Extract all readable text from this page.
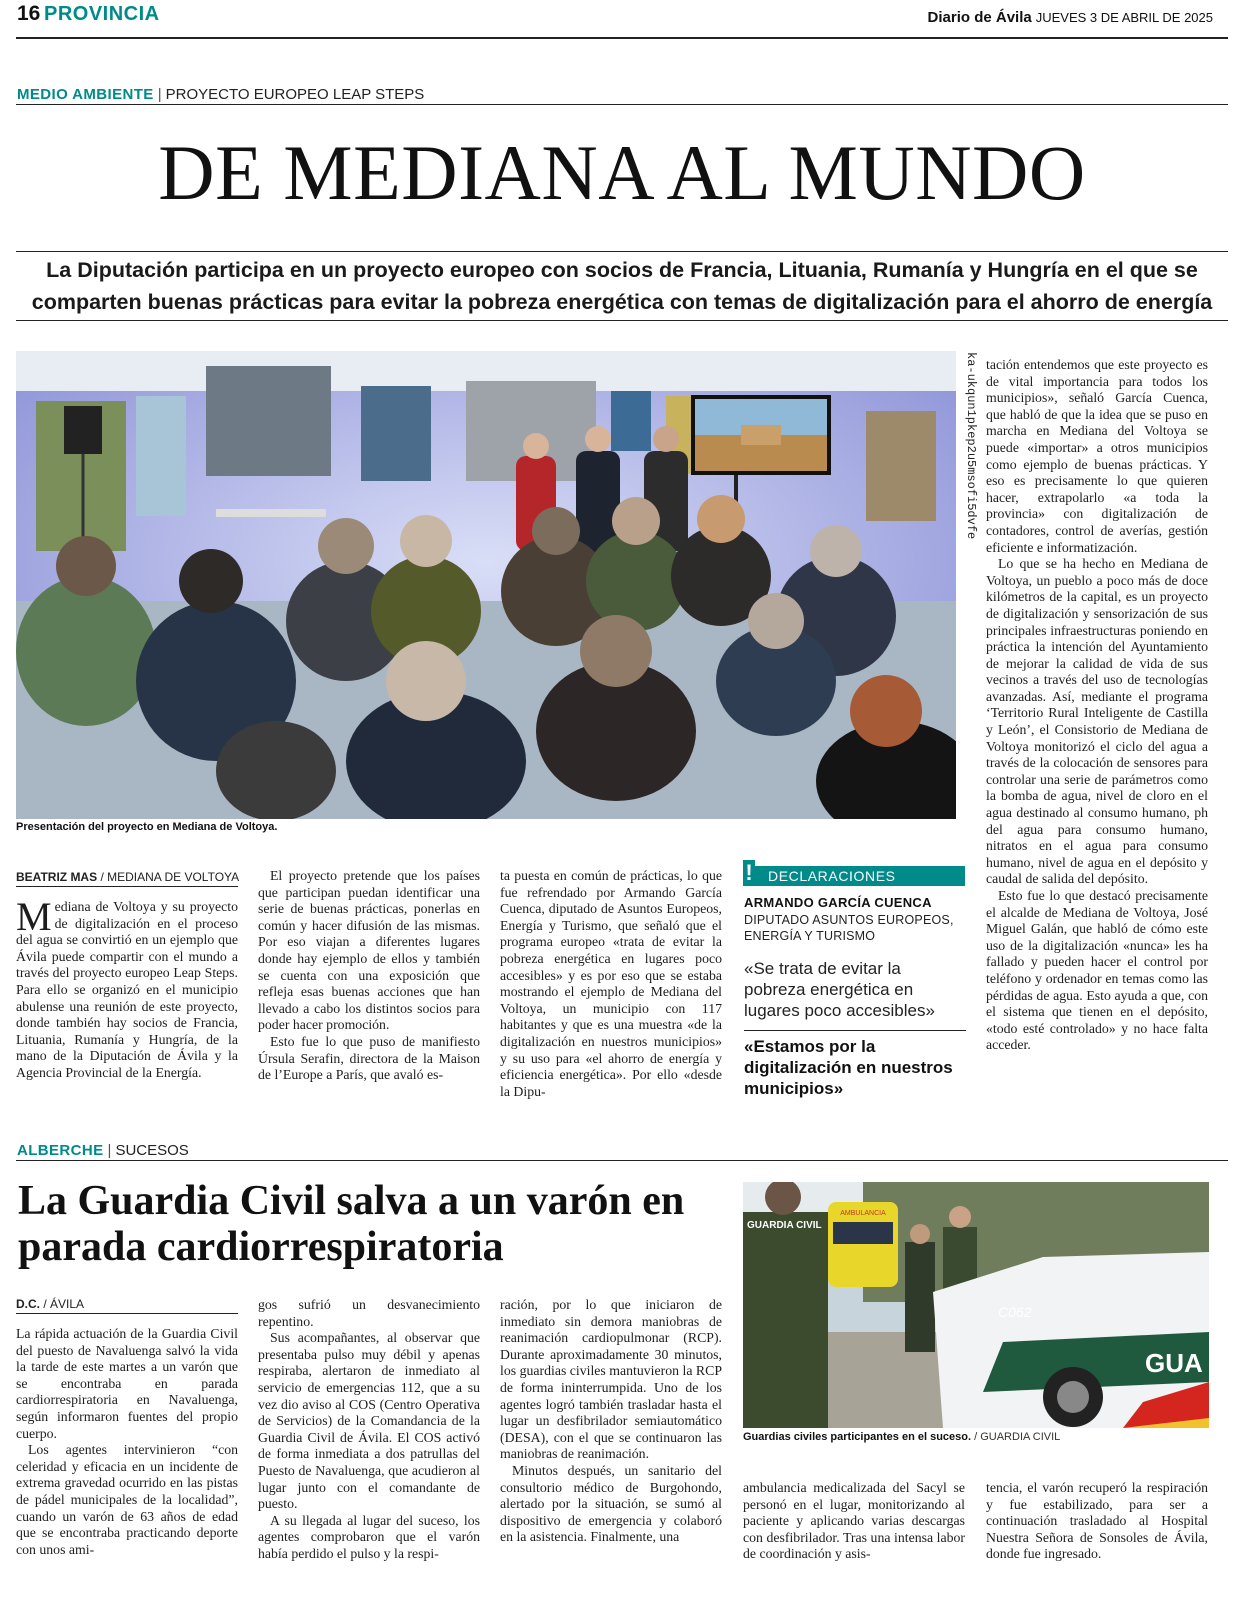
16 PROVINCIA	Diario de Ávila JUEVES 3 DE ABRIL DE 2025
MEDIO AMBIENTE | PROYECTO EUROPEO LEAP STEPS
DE MEDIANA AL MUNDO
La Diputación participa en un proyecto europeo con socios de Francia, Lituania, Rumanía y Hungría en el que se comparten buenas prácticas para evitar la pobreza energética con temas de digitalización para el ahorro de energía
ka-ukqun1pkep2u5msofi5dvfe
Presentación del proyecto en Mediana de Voltoya.
BEATRIZ MAS / MEDIANA DE VOLTOYA

Mediana de Voltoya y su proyecto de digitalización en el proceso del agua se convirtió en un ejemplo que Ávila puede compartir con el mundo a través del proyecto europeo Leap Steps. Para ello se organizó en el municipio abulense una reunión de este proyecto, donde también hay socios de Francia, Lituania, Rumanía y Hungría, de la mano de la Diputación de Ávila y la Agencia Provincial de la Energía.

El proyecto pretende que los países que participan puedan identificar una serie de buenas prácticas, ponerlas en común y hacer difusión de las mismas. Por eso viajan a diferentes lugares donde hay ejemplo de ellos y también se cuenta con una exposición que refleja esas buenas acciones que han llevado a cabo los distintos socios para poder hacer promoción.

Esto fue lo que puso de manifiesto Úrsula Serafin, directora de la Maison de l’Europe a París, que avaló es-

ta puesta en común de prácticas, lo que fue refrendado por Armando García Cuenca, diputado de Asuntos Europeos, Energía y Turismo, que señaló que el programa europeo «trata de evitar la pobreza energética en lugares poco accesibles» y es por eso que se estaba mostrando el ejemplo de Mediana del Voltoya, un municipio con 117 habitantes y que es una muestra «de la digitalización en nuestros municipios» y su uso para «el ahorro de energía y eficiencia energética». Por ello «desde la Dipu-

! DECLARACIONES
ARMANDO GARCÍA CUENCA
DIPUTADO ASUNTOS EUROPEOS, ENERGÍA Y TURISMO
«Se trata de evitar la pobreza energética en lugares poco accesibles»
«Estamos por la digitalización en nuestros municipios»

tación entendemos que este proyecto es de vital importancia para todos los municipios», señaló García Cuenca, que habló de que la idea que se puso en marcha en Mediana del Voltoya se puede «importar» a otros municipios como ejemplo de buenas prácticas. Y eso es precisamente lo que quieren hacer, extrapolarlo «a toda la provincia» con digitalización de contadores, control de averías, gestión eficiente e informatización.

Lo que se ha hecho en Mediana de Voltoya, un pueblo a poco más de doce kilómetros de la capital, es un proyecto de digitalización y sensorización de sus principales infraestructuras poniendo en práctica la intención del Ayuntamiento de mejorar la calidad de vida de sus vecinos a través del uso de tecnologías avanzadas. Así, mediante el programa ‘Territorio Rural Inteligente de Castilla y León’, el Consistorio de Mediana de Voltoya monitorizó el ciclo del agua a través de la colocación de sensores para controlar una serie de parámetros como la bomba de agua, nivel de cloro en el agua destinado al consumo humano, ph del agua para consumo humano, nitratos en el agua para consumo humano, nivel de agua en el depósito y caudal de salida del depósito.

Esto fue lo que destacó precisamente el alcalde de Mediana de Voltoya, José Miguel Galán, que habló de cómo este uso de la digitalización «nunca» les ha fallado y pueden hacer el control por teléfono y ordenador en temas como las pérdidas de agua. Esto ayuda a que, con el sistema que tienen en el depósito, «todo esté controlado» y no hace falta acceder.

ALBERCHE | SUCESOS
La Guardia Civil salva a un varón en parada cardiorrespiratoria
D.C. / ÁVILA

La rápida actuación de la Guardia Civil del puesto de Navaluenga salvó la vida la tarde de este martes a un varón que se encontraba en parada cardiorrespiratoria en Navaluenga, según informaron fuentes del propio cuerpo.

Los agentes intervinieron “con celeridad y eficacia en un incidente de extrema gravedad ocurrido en las pistas de pádel municipales de la localidad”, cuando un varón de 63 años de edad que se encontraba practicando deporte con unos ami-

gos sufrió un desvanecimiento repentino.

Sus acompañantes, al observar que presentaba pulso muy débil y apenas respiraba, alertaron de inmediato al servicio de emergencias 112, que a su vez dio aviso al COS (Centro Operativa de Servicios) de la Comandancia de la Guardia Civil de Ávila. El COS activó de forma inmediata a dos patrullas del Puesto de Navaluenga, que acudieron al lugar junto con el comandante de puesto.

A su llegada al lugar del suceso, los agentes comprobaron que el varón había perdido el pulso y la respi-

ración, por lo que iniciaron de inmediato sin demora maniobras de reanimación cardiopulmonar (RCP). Durante aproximadamente 30 minutos, los guardias civiles mantuvieron la RCP de forma ininterrumpida. Uno de los agentes logró también trasladar hasta el lugar un desfibrilador semiautomático (DESA), con el que se continuaron las maniobras de reanimación.

Minutos después, un sanitario del consultorio médico de Burgohondo, alertado por la situación, se sumó al dispositivo de emergencia y colaboró en la asistencia. Finalmente, una

AMBULANCIA
GUARDIA CIVIL
C062
GUA
Guardias civiles participantes en el suceso. / GUARDIA CIVIL

ambulancia medicalizada del Sacyl se personó en el lugar, monitorizando al paciente y aplicando varias descargas con desfibrilador. Tras una intensa labor de coordinación y asis-

tencia, el varón recuperó la respiración y fue estabilizado, para ser a continuación trasladado al Hospital Nuestra Señora de Sonsoles de Ávila, donde fue ingresado.
